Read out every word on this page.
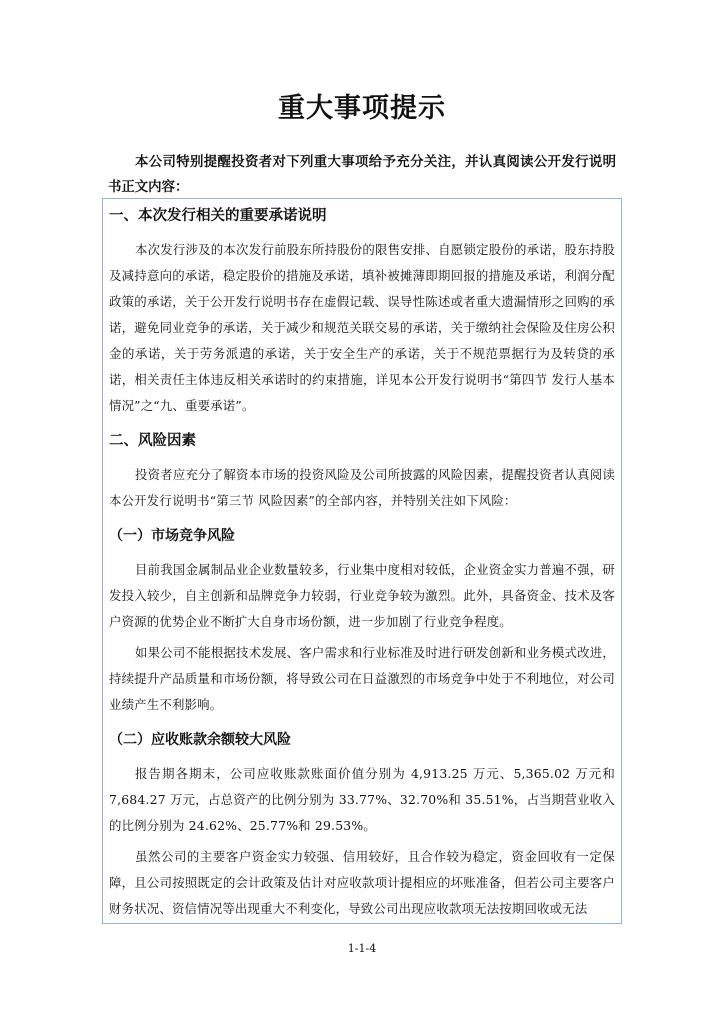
重大事项提示
本公司特别提醒投资者对下列重大事项给予充分关注，并认真阅读公开发行说明书正文内容：
一、本次发行相关的重要承诺说明
本次发行涉及的本次发行前股东所持股份的限售安排、自愿锁定股份的承诺，股东持股及减持意向的承诺，稳定股价的措施及承诺，填补被摊薄即期回报的措施及承诺，利润分配政策的承诺，关于公开发行说明书存在虚假记载、误导性陈述或者重大遗漏情形之回购的承诺，避免同业竞争的承诺，关于减少和规范关联交易的承诺，关于缴纳社会保险及住房公积金的承诺，关于劳务派遣的承诺，关于安全生产的承诺，关于不规范票据行为及转贷的承诺，相关责任主体违反相关承诺时的约束措施，详见本公开发行说明书“第四节 发行人基本情况”之“九、重要承诺”。
二、风险因素
投资者应充分了解资本市场的投资风险及公司所披露的风险因素，提醒投资者认真阅读本公开发行说明书“第三节 风险因素”的全部内容，并特别关注如下风险：
（一）市场竞争风险
目前我国金属制品业企业数量较多，行业集中度相对较低，企业资金实力普遍不强，研发投入较少，自主创新和品牌竞争力较弱，行业竞争较为激烈。此外，具备资金、技术及客户资源的优势企业不断扩大自身市场份额，进一步加剧了行业竞争程度。
如果公司不能根据技术发展、客户需求和行业标准及时进行研发创新和业务模式改进，持续提升产品质量和市场份额，将导致公司在日益激烈的市场竞争中处于不利地位，对公司业绩产生不利影响。
（二）应收账款余额较大风险
报告期各期末，公司应收账款账面价值分别为 4,913.25 万元、5,365.02 万元和 7,684.27 万元，占总资产的比例分别为 33.77%、32.70%和 35.51%，占当期营业收入的比例分别为 24.62%、25.77%和 29.53%。
虽然公司的主要客户资金实力较强、信用较好，且合作较为稳定，资金回收有一定保障，且公司按照既定的会计政策及估计对应收款项计提相应的坏账准备，但若公司主要客户财务状况、资信情况等出现重大不利变化，导致公司出现应收款项无法按期回收或无法
1-1-4
